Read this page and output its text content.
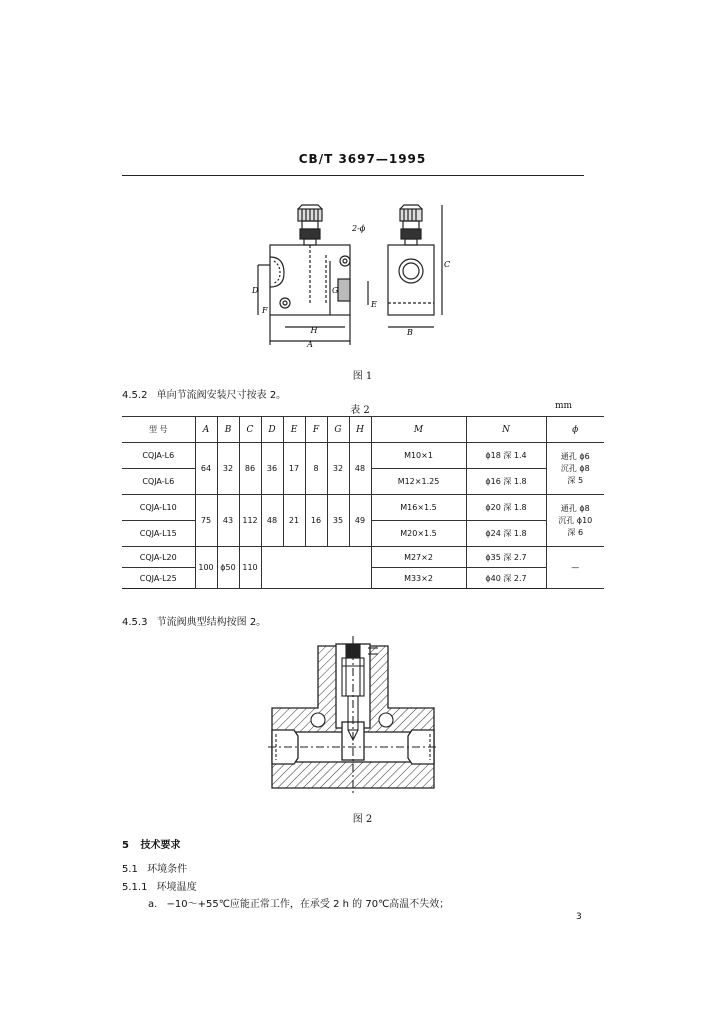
CB/T 3697—1995
H
A
B
D	G
F
E
C
2-ϕ
图 1
4.5.2 单向节流阀安装尺寸按表 2。
表 2	mm
型 号	A	B	C	D	E	F	G	H	M	N	ϕ
CQJA-L6	64	32	86	36	17	8	32	48	M10×1	ϕ18 深 1.4	通孔 ϕ6
沉孔 ϕ8
深 5

CQJA-L6									M12×1.25	ϕ16 深 1.8	
CQJA-L10	75	43	112	48	21	16	35	49	M16×1.5	ϕ20 深 1.8	通孔 ϕ8
沉孔 ϕ10
深 6

CQJA-L15									M20×1.5	ϕ24 深 1.8	
CQJA-L20	100	ϕ50	110						M27×2	ϕ35 深 2.7	—
CQJA-L25									M33×2	ϕ40 深 2.7	
4.5.3 节流阀典型结构按图 2。
图 2
5 技术要求
5.1 环境条件
5.1.1 环境温度
a. −10～+55℃应能正常工作，在承受 2 h 的 70℃高温不失效；
3
